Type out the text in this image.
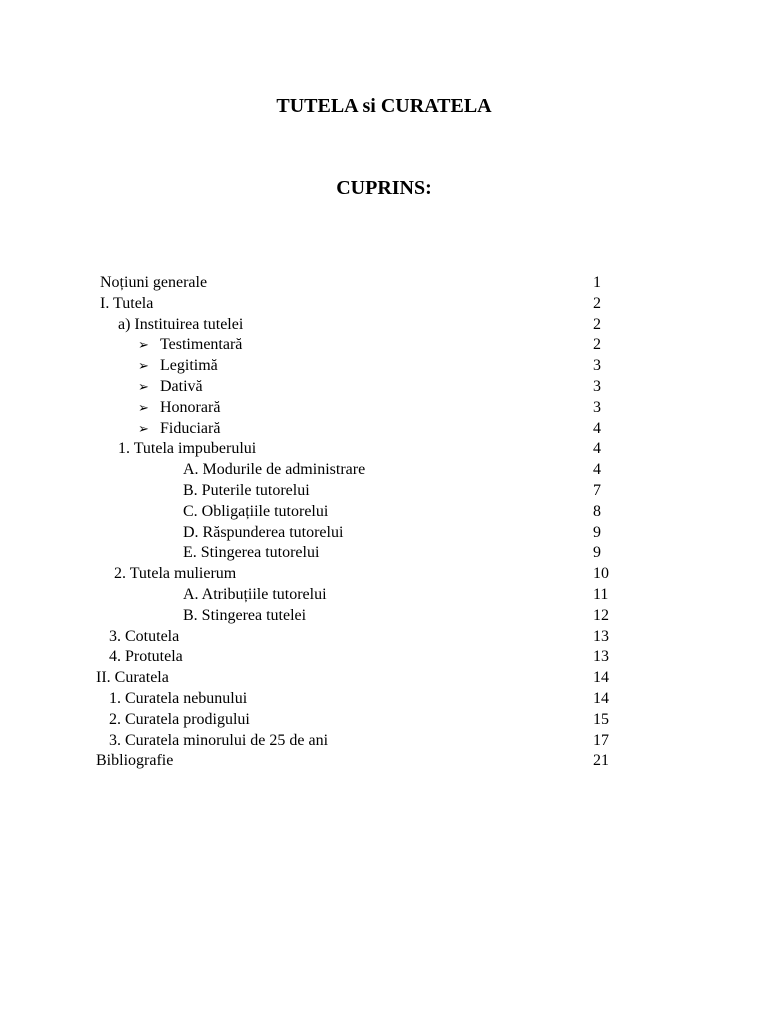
TUTELA si CURATELA
CUPRINS:
Noțiuni generale	1
I. Tutela	2
a) Instituirea tutelei	2
➢ Testimentară	2
➢ Legitimă	3
➢ Dativă	3
➢ Honorară	3
➢ Fiduciară	4
1. Tutela impuberului	4
A. Modurile de administrare	4
B. Puterile tutorelui	7
C. Obligațiile tutorelui	8
D. Răspunderea tutorelui	9
E. Stingerea tutorelui	9
2. Tutela mulierum	10
A. Atribuțiile tutorelui	11
B. Stingerea tutelei	12
3. Cotutela	13
4. Protutela	13
II. Curatela	14
1. Curatela nebunului	14
2. Curatela prodigului	15
3. Curatela minorului de 25 de ani	17
Bibliografie	21
